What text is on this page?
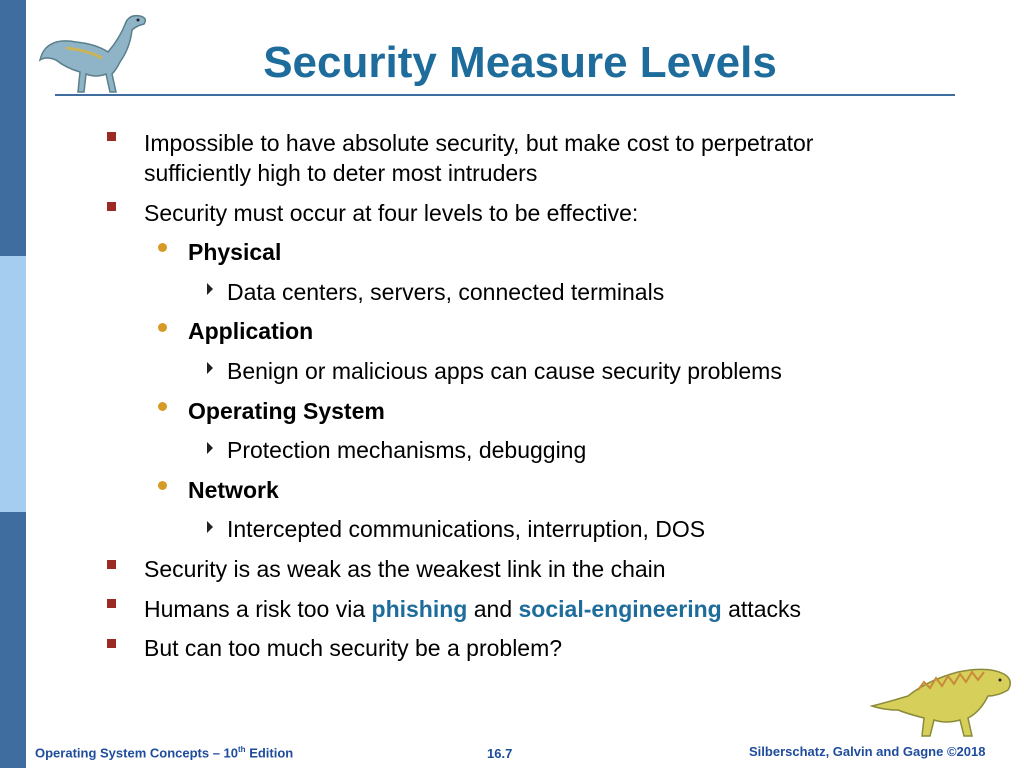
Security Measure Levels
Impossible to have absolute security, but make cost to perpetrator
sufficiently high to deter most intruders
Security must occur at four levels to be effective:
Physical
Data centers, servers, connected terminals
Application
Benign or malicious apps can cause security problems
Operating System
Protection mechanisms, debugging
Network
Intercepted communications, interruption, DOS
Security is as weak as the weakest link in the chain
Humans a risk too via phishing and social-engineering attacks
But can too much security be a problem?
Operating System Concepts – 10th Edition	16.7	Silberschatz, Galvin and Gagne ©2018
